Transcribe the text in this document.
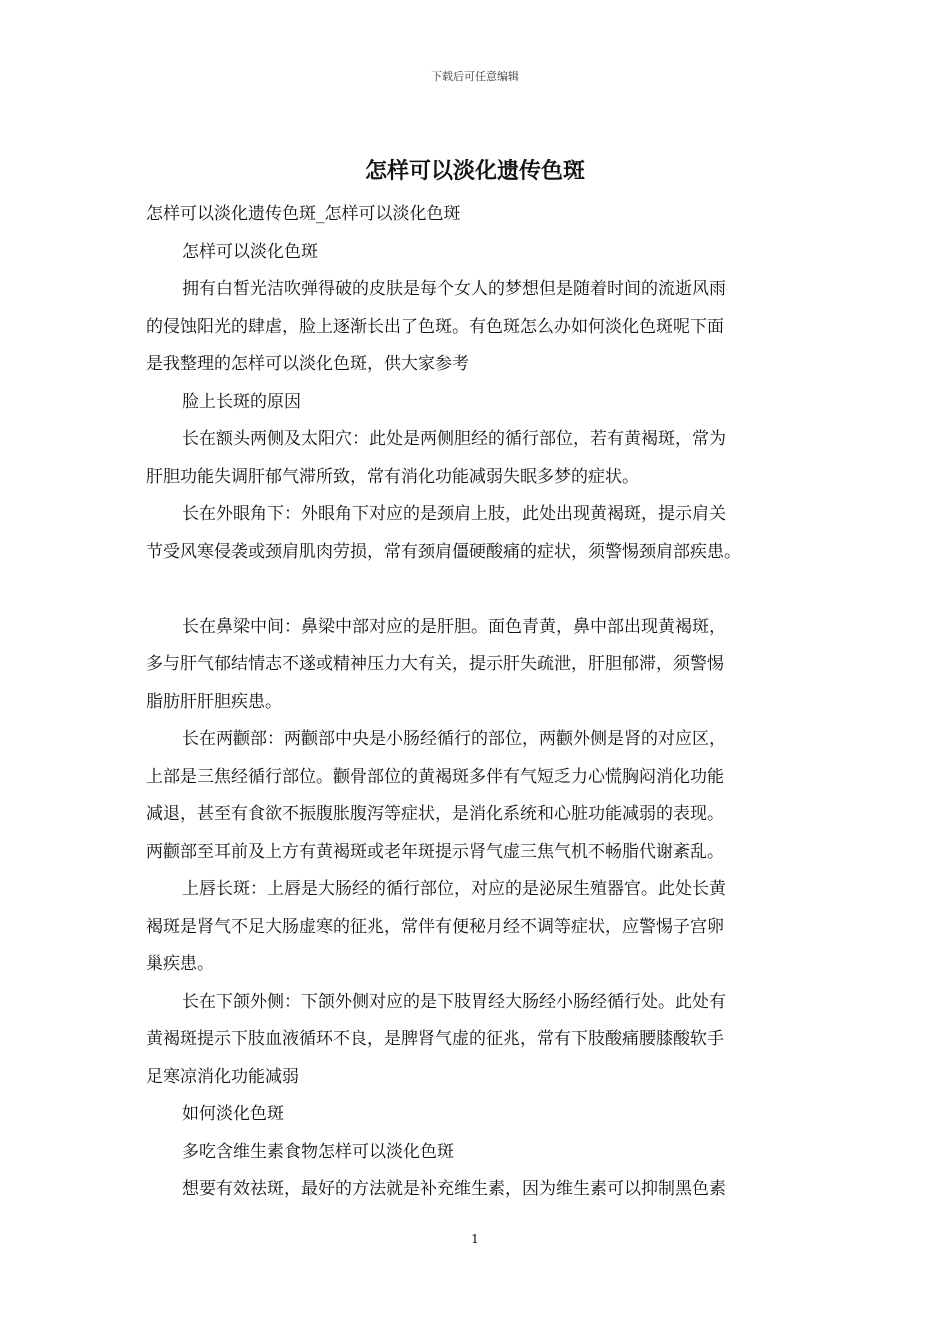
下载后可任意编辑
怎样可以淡化遗传色斑

怎样可以淡化遗传色斑_怎样可以淡化色斑

怎样可以淡化色斑

拥有白皙光洁吹弹得破的皮肤是每个女人的梦想但是随着时间的流逝风雨

的侵蚀阳光的肆虐，脸上逐渐长出了色斑。有色斑怎么办如何淡化色斑呢下面

是我整理的怎样可以淡化色斑，供大家参考

脸上长斑的原因

长在额头两侧及太阳穴：此处是两侧胆经的循行部位，若有黄褐斑，常为

肝胆功能失调肝郁气滞所致，常有消化功能减弱失眠多梦的症状。

长在外眼角下：外眼角下对应的是颈肩上肢，此处出现黄褐斑，提示肩关

节受风寒侵袭或颈肩肌肉劳损，常有颈肩僵硬酸痛的症状，须警惕颈肩部疾患。

长在鼻梁中间：鼻梁中部对应的是肝胆。面色青黄，鼻中部出现黄褐斑，

多与肝气郁结情志不遂或精神压力大有关，提示肝失疏泄，肝胆郁滞，须警惕

脂肪肝肝胆疾患。

长在两颧部：两颧部中央是小肠经循行的部位，两颧外侧是肾的对应区，

上部是三焦经循行部位。颧骨部位的黄褐斑多伴有气短乏力心慌胸闷消化功能

减退，甚至有食欲不振腹胀腹泻等症状，是消化系统和心脏功能减弱的表现。

两颧部至耳前及上方有黄褐斑或老年斑提示肾气虚三焦气机不畅脂代谢紊乱。

上唇长斑：上唇是大肠经的循行部位，对应的是泌尿生殖器官。此处长黄

褐斑是肾气不足大肠虚寒的征兆，常伴有便秘月经不调等症状，应警惕子宫卵

巢疾患。

长在下颌外侧：下颌外侧对应的是下肢胃经大肠经小肠经循行处。此处有

黄褐斑提示下肢血液循环不良，是脾肾气虚的征兆，常有下肢酸痛腰膝酸软手

足寒凉消化功能减弱

如何淡化色斑

多吃含维生素食物怎样可以淡化色斑

想要有效祛斑，最好的方法就是补充维生素，因为维生素可以抑制黑色素

1
